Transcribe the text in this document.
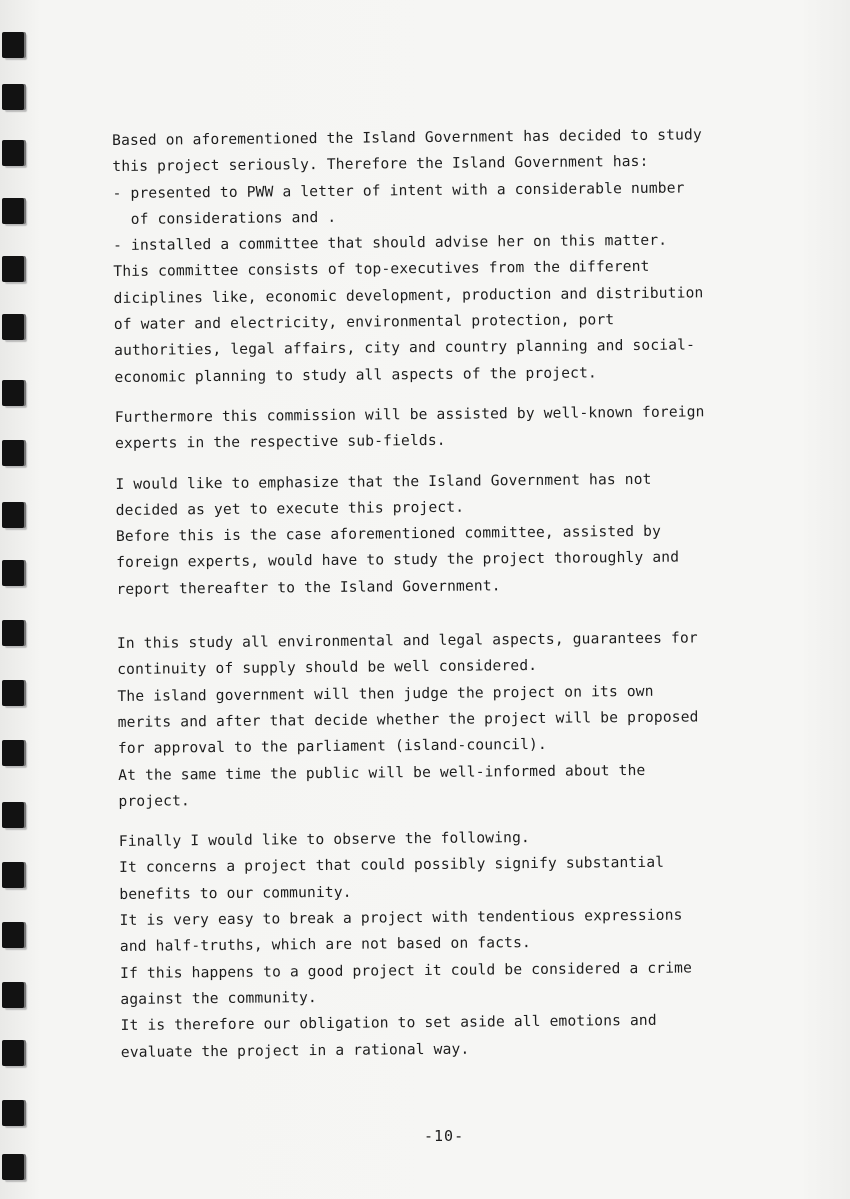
Based on aforementioned the Island Government has decided to study
this project seriously. Therefore the Island Government has:
- presented to PWW a letter of intent with a considerable number
of considerations and .
- installed a committee that should advise her on this matter.
This committee consists of top-executives from the different
diciplines like, economic development, production and distribution
of water and electricity, environmental protection, port
authorities, legal affairs, city and country planning and social-
economic planning to study all aspects of the project.
Furthermore this commission will be assisted by well-known foreign
experts in the respective sub-fields.
I would like to emphasize that the Island Government has not
decided as yet to execute this project.
Before this is the case aforementioned committee, assisted by
foreign experts, would have to study the project thoroughly and
report thereafter to the Island Government.
In this study all environmental and legal aspects, guarantees for
continuity of supply should be well considered.
The island government will then judge the project on its own
merits and after that decide whether the project will be proposed
for approval to the parliament (island-council).
At the same time the public will be well-informed about the
project.
Finally I would like to observe the following.
It concerns a project that could possibly signify substantial
benefits to our community.
It is very easy to break a project with tendentious expressions
and half-truths, which are not based on facts.
If this happens to a good project it could be considered a crime
against the community.
It is therefore our obligation to set aside all emotions and
evaluate the project in a rational way.
-10-
